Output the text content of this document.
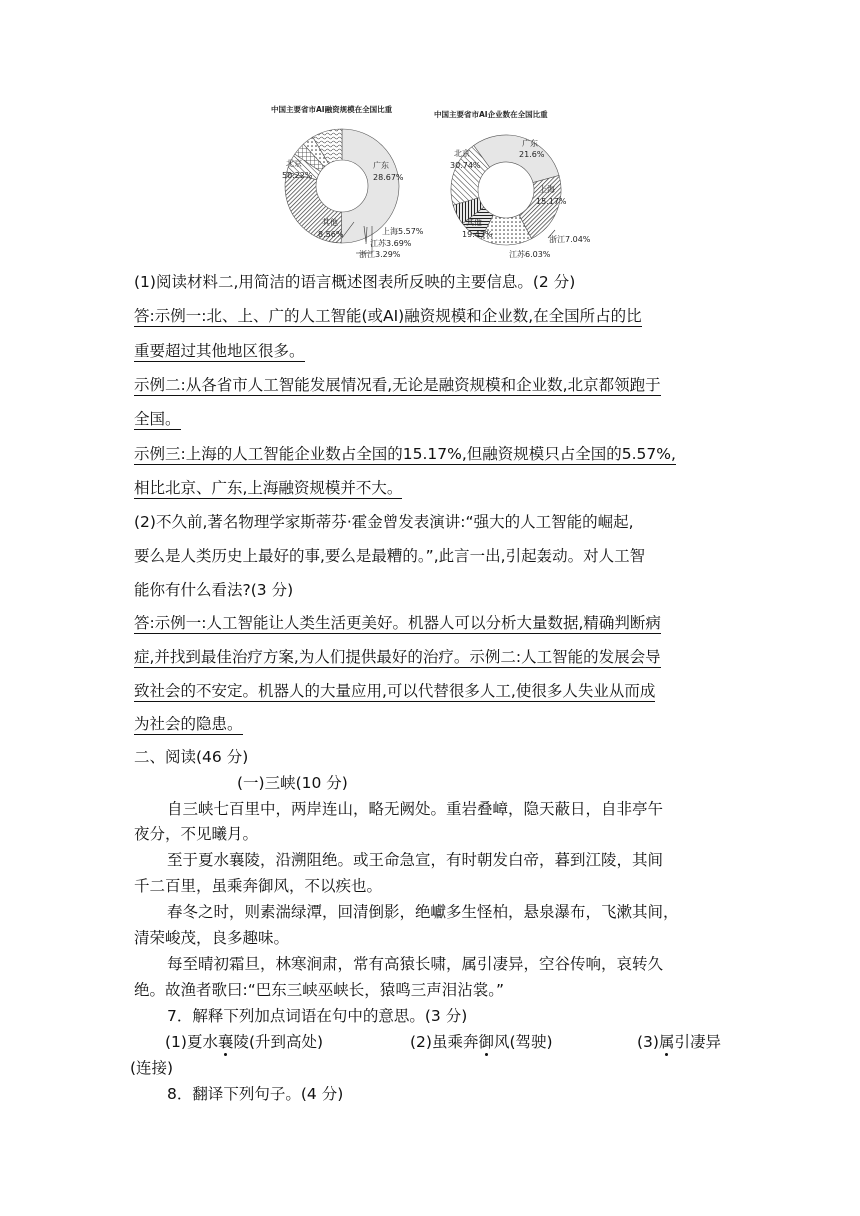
中国主要省市AI融资规模在全国比重
中国主要省市AI企业数在全国比重
北京
50.22%
广东
28.67%
其他
8.56%	上海5.57%
江苏3.69%
浙江3.29%
北京
30.74%
广东
21.6%
上海
15.17%
其他
19.43%
浙江7.04%
江苏6.03%
(1)阅读材料二,用简洁的语言概述图表所反映的主要信息。(2 分)
答:示例一:北、上、广的人工智能(或AI)融资规模和企业数,在全国所占的比
重要超过其他地区很多。
示例二:从各省市人工智能发展情况看,无论是融资规模和企业数,北京都领跑于
全国。
示例三:上海的人工智能企业数占全国的15.17%,但融资规模只占全国的5.57%,
相比北京、广东,上海融资规模并不大。
(2)不久前,著名物理学家斯蒂芬·霍金曾发表演讲:“强大的人工智能的崛起,
要么是人类历史上最好的事,要么是最糟的。”,此言一出,引起轰动。对人工智
能你有什么看法?(3 分)
答:示例一:人工智能让人类生活更美好。机器人可以分析大量数据,精确判断病
症,并找到最佳治疗方案,为人们提供最好的治疗。示例二:人工智能的发展会导
致社会的不安定。机器人的大量应用,可以代替很多人工,使很多人失业从而成
为社会的隐患。
二、阅读(46 分)
(一)三峡(10 分)
自三峡七百里中，两岸连山，略无阙处。重岩叠嶂，隐天蔽日，自非亭午
夜分，不见曦月。
至于夏水襄陵，沿溯阻绝。或王命急宣，有时朝发白帝，暮到江陵，其间
千二百里，虽乘奔御风，不以疾也。
春冬之时，则素湍绿潭，回清倒影，绝巘多生怪柏，悬泉瀑布，飞漱其间，
清荣峻茂，良多趣味。
每至晴初霜旦，林寒涧肃，常有高猿长啸，属引凄异，空谷传响，哀转久
绝。故渔者歌曰:“巴东三峡巫峡长，猿鸣三声泪沾裳。”
7．解释下列加点词语在句中的意思。(3 分)
(1)夏水襄陵(升到高处)	(2)虽乘奔御风(驾驶)	(3)属引凄异
(连接)
8．翻译下列句子。(4 分)
